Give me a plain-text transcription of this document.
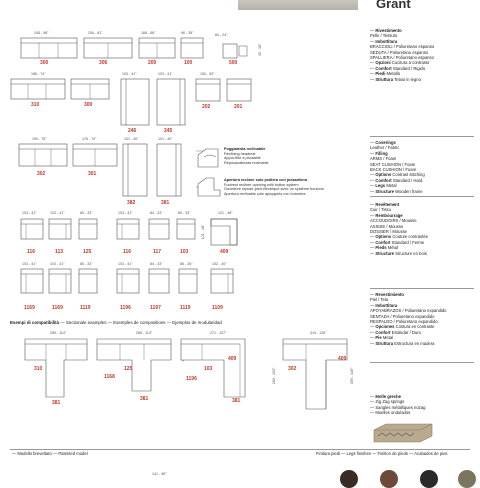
Grant
245 - 96"	206 - 81"	168 - 66"	96 - 38"	60 - 24"
45 - 18"
300	306	200	100	500
188 - 74"	103 - 41"	103 - 41"	150 - 59"
310	300
246	245
202	201
190 - 75"	176 - 70"	101 - 40"	101 - 40"
302	301
382	381
Poggiatesta reclinabile
Reclining headrest
Appui-tête à pivotable
Reposacabezas reclinable
Apertura recliner solo pediera con pulsantiera
Footrest recliner opening with button system
Ouverture repose-pied électrique avec un système boutons
Apertura reclinable solo apoyapiés con botonera
103 - 41"	103 - 41"	85 - 33"	103 - 41"	84 - 33"	85 - 33"	121 - 48"
121 - 48"
116	113	125	116	117	103	409
103 - 41"	103 - 41"	85 - 33"	103 - 41"	84 - 33"	86 - 26"	102 - 40"
1169	1169	1119	1196	1197	1119	1109
Esempi di compatibilità — Sectionale examples — Exemples de compositions — Ejemplos de modularidad
289 - 114"	289 - 113"	271 - 107"
260 - 103"
319 - 126"
359 - 146"
310
381
1168
125
381
1196
103
409
381
302
409
— Rivestimento
Pelle / Tessuto
— Imbottitura
BRACCIOLI / Poliuretano espanso
SEDUTA / Poliuretano espanso
SPALLIERA / Poliuretano espanso
— Opzioni Cucitura a contrasto
— Comfort Standard / Rigido
— Piedi Metallo
— Struttura Telaio in legno
— Coverings
Leather / Fabric
— Filling
ARMS / Foam
SEAT CUSHION / Foam
BACK CUSHION / Foam
— Options Contrast stitching
— Comfort Standard / Hard
— Legs Metal
— Structure Wooden frame
— Revêtement
Cuir / Tissu
— Rembourrage
ACCOUDOIRS / Mousse
ASSISE / Mousse
DOSSIER / Mousse
— Options Couture contrastée
— Confort Standard / Ferme
— Pieds Métal
— Structure Structure en bois
— Revestimiento
Piel / Tela
— Imbottitura
APOYABRAZOS / Poliuretano expandido
SENTADA / Poliuretano expandido
RESPALDO / Poliuretano expandido
— Opciones Costura en contraste
— Confort Estándar / Duro
— Pie Metal
— Struttura Estructura en madera
— Molle greche
— Zig Zag springs
— Sangles métalliques nozag
— Muelles ondulados
— Modello brevettato — Patented model	Finitura piedi — Legs finishes — Finition de pieds — Acabados de pies
141 - 56"
